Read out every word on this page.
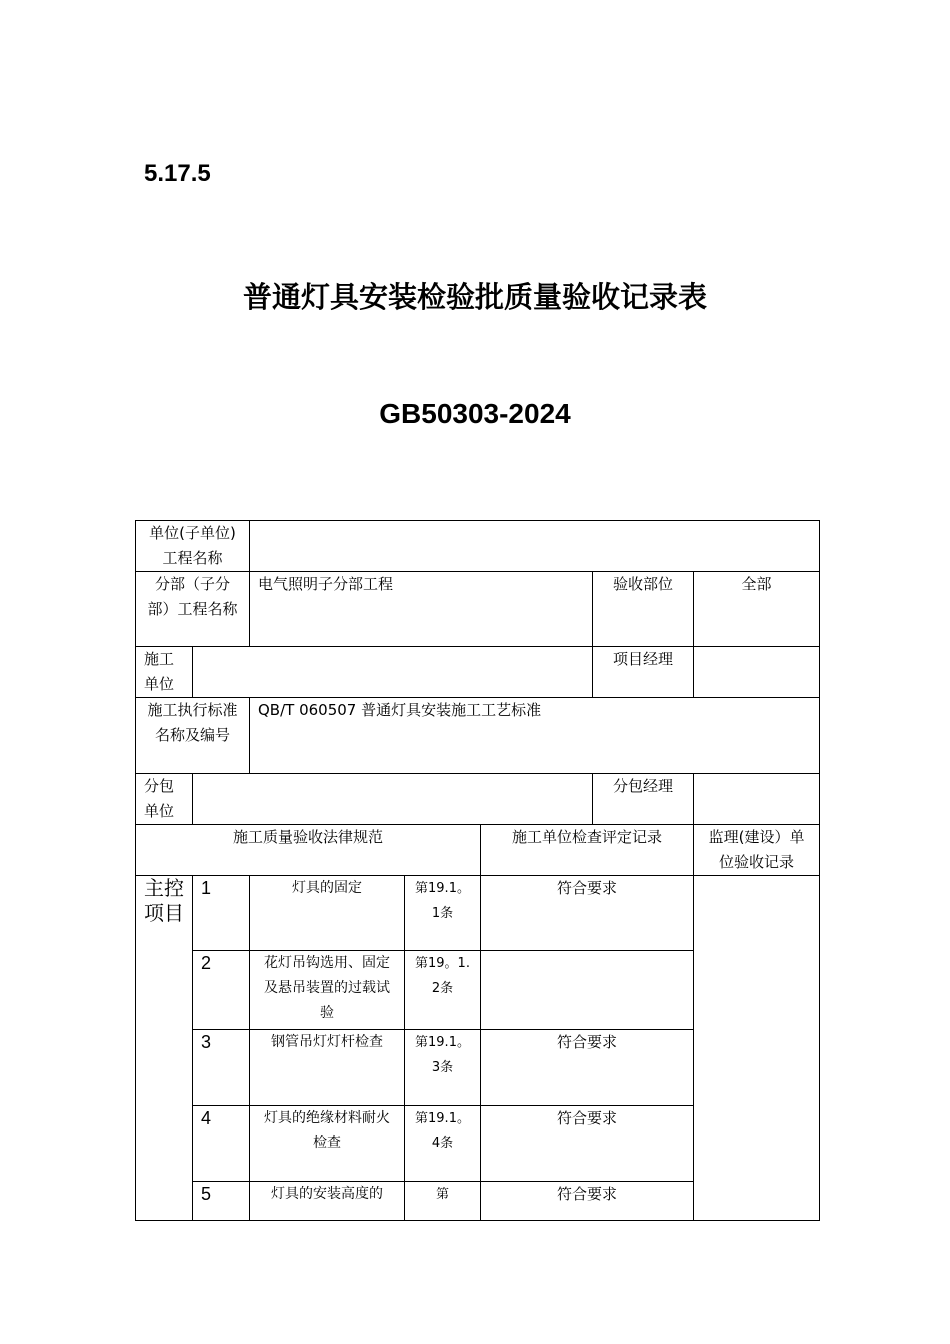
5.17.5
普通灯具安装检验批质量验收记录表
GB50303-2024
单位(子单位)工程名称						
分部（子分部）工程名称		电气照明子分部工程			验收部位	全部
施工单位					项目经理	
施工执行标准名称及编号		QB/T 060507 普通灯具安装施工工艺标准				
分包单位					分包经理	
施工质量验收法律规范				施工单位检查评定记录		监理(建设）单位验收记录
主控项目	1	灯具的固定	第19.1。1条	符合要求		
	2	花灯吊钩选用、固定及悬吊装置的过载试验	第19。1.2条			
	3	钢管吊灯灯杆检查	第19.1。3条	符合要求		
	4	灯具的绝缘材料耐火检查	第19.1。4条	符合要求		
	5	灯具的安装高度的	第	符合要求		
